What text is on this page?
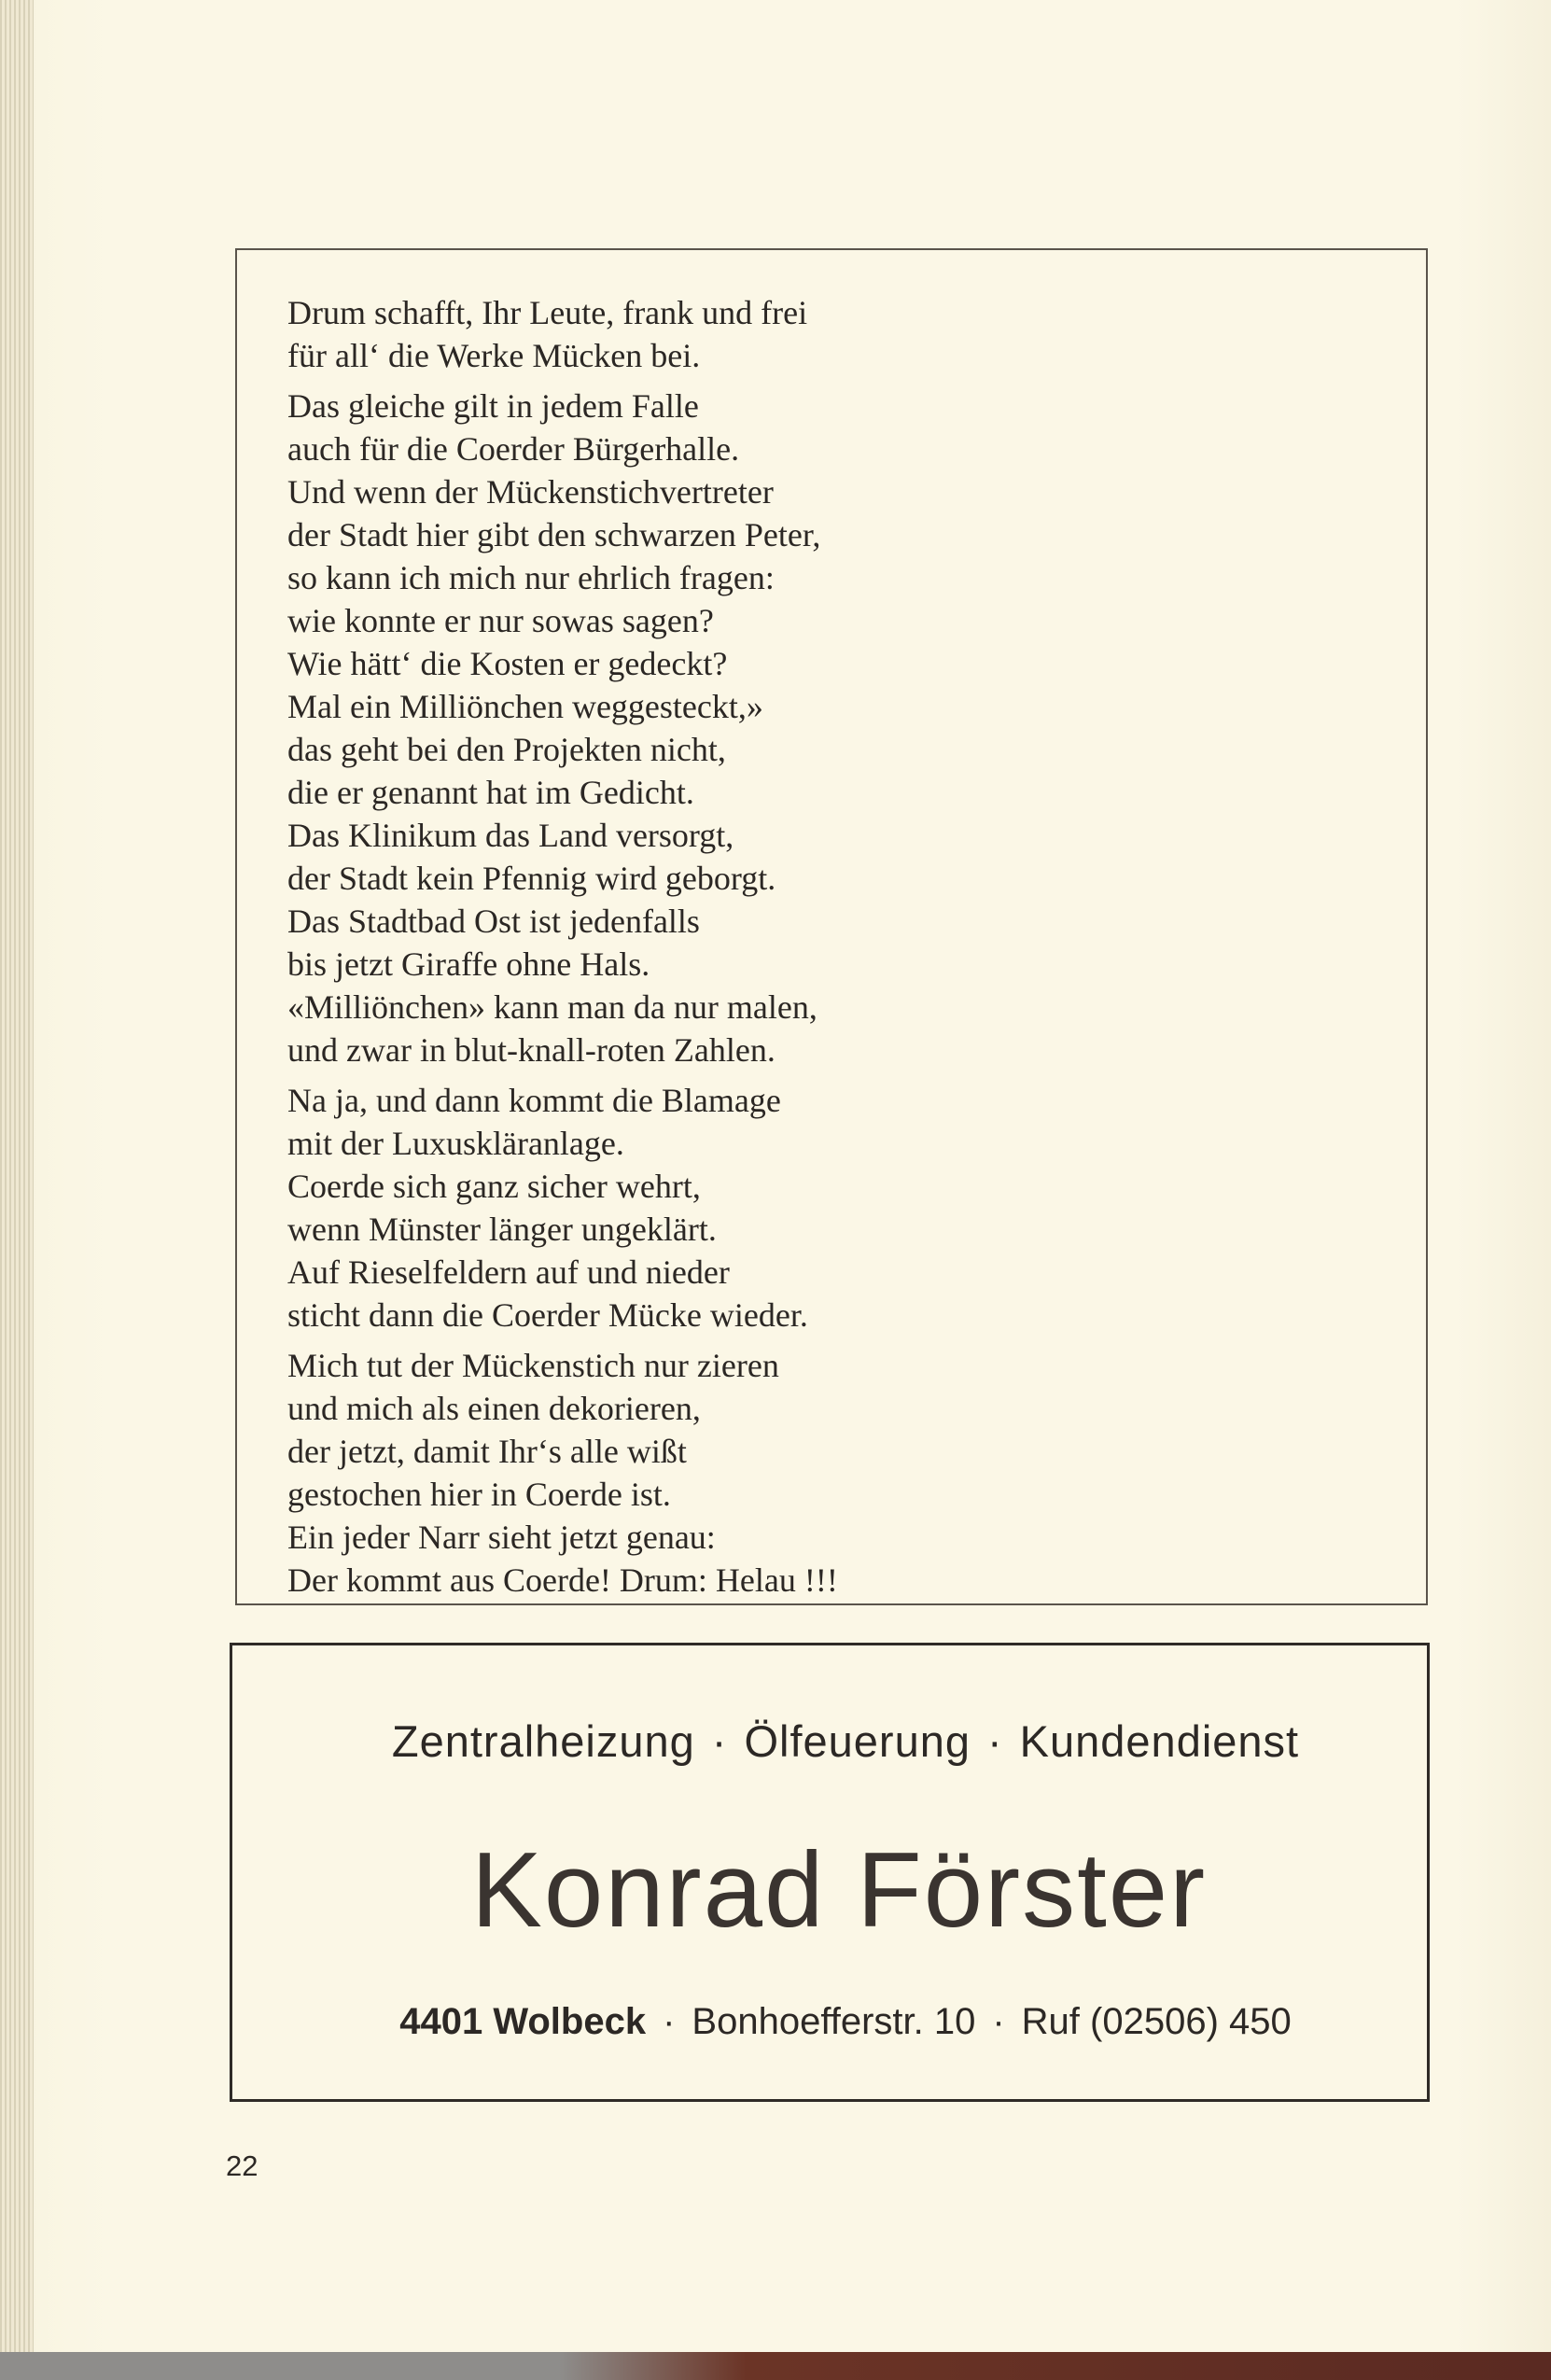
Drum schafft, Ihr Leute, frank und frei
für all‘ die Werke Mücken bei.
Das gleiche gilt in jedem Falle
auch für die Coerder Bürgerhalle.
Und wenn der Mückenstichvertreter
der Stadt hier gibt den schwarzen Peter,
so kann ich mich nur ehrlich fragen:
wie konnte er nur sowas sagen?
Wie hätt‘ die Kosten er gedeckt?
Mal ein Milliönchen weggesteckt,»
das geht bei den Projekten nicht,
die er genannt hat im Gedicht.
Das Klinikum das Land versorgt,
der Stadt kein Pfennig wird geborgt.
Das Stadtbad Ost ist jedenfalls
bis jetzt Giraffe ohne Hals.
«Milliönchen» kann man da nur malen,
und zwar in blut-knall-roten Zahlen.
Na ja, und dann kommt die Blamage
mit der Luxuskläranlage.
Coerde sich ganz sicher wehrt,
wenn Münster länger ungeklärt.
Auf Rieselfeldern auf und nieder
sticht dann die Coerder Mücke wieder.
Mich tut der Mückenstich nur zieren
und mich als einen dekorieren,
der jetzt, damit Ihr‘s alle wißt
gestochen hier in Coerde ist.
Ein jeder Narr sieht jetzt genau:
Der kommt aus Coerde! Drum: Helau !!!
Zentralheizung · Ölfeuerung · Kundendienst
Konrad Förster
4401 Wolbeck · Bonhoefferstr. 10 · Ruf (02506) 450
22
